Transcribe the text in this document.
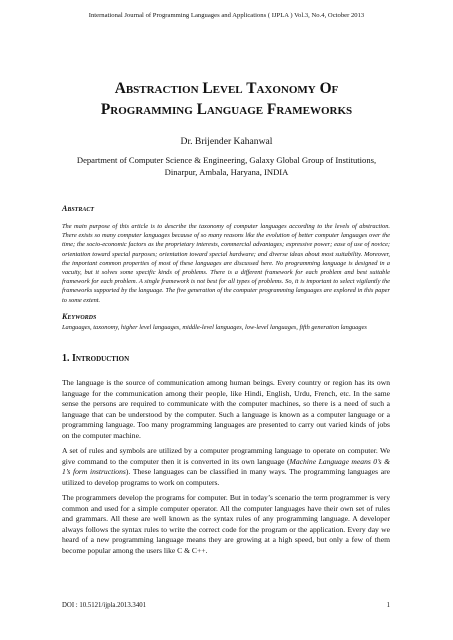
International Journal of Programming Languages and Applications ( IJPLA ) Vol.3, No.4, October 2013
Abstraction Level Taxonomy Of
Programming Language Frameworks
Dr. Brijender Kahanwal
Department of Computer Science & Engineering, Galaxy Global Group of Institutions,
Dinarpur, Ambala, Haryana, INDIA
Abstract
The main purpose of this article is to describe the taxonomy of computer languages according to the levels of abstraction. There exists so many computer languages because of so many reasons like the evolution of better computer languages over the time; the socio-economic factors as the proprietary interests, commercial advantages; expressive power; ease of use of novice; orientation toward special purposes; orientation toward special hardware; and diverse ideas about most suitability. Moreover, the important common properties of most of these languages are discussed here. No programming language is designed in a vacuity, but it solves some specific kinds of problems. There is a different framework for each problem and best suitable framework for each problem. A single framework is not best for all types of problems. So, it is important to select vigilantly the frameworks supported by the language. The five generation of the computer programming languages are explored in this paper to some extent.
Keywords
Languages, taxonomy, higher level languages, middle-level languages, low-level languages, fifth generation languages
1. Introduction
The language is the source of communication among human beings. Every country or region has its own language for the communication among their people, like Hindi, English, Urdu, French, etc. In the same sense the persons are required to communicate with the computer machines, so there is a need of such a language that can be understood by the computer. Such a language is known as a computer language or a programming language. Too many programming languages are presented to carry out varied kinds of jobs on the computer machine.
A set of rules and symbols are utilized by a computer programming language to operate on computer. We give command to the computer then it is converted in its own language (Machine Language means 0’s & 1’s form instructions). These languages can be classified in many ways. The programming languages are utilized to develop programs to work on computers.
The programmers develop the programs for computer. But in today’s scenario the term programmer is very common and used for a simple computer operator. All the computer languages have their own set of rules and grammars. All these are well known as the syntax rules of any programming language. A developer always follows the syntax rules to write the correct code for the program or the application. Every day we heard of a new programming language means they are growing at a high speed, but only a few of them become popular among the users like C & C++.
DOI : 10.5121/ijpla.2013.3401	1
